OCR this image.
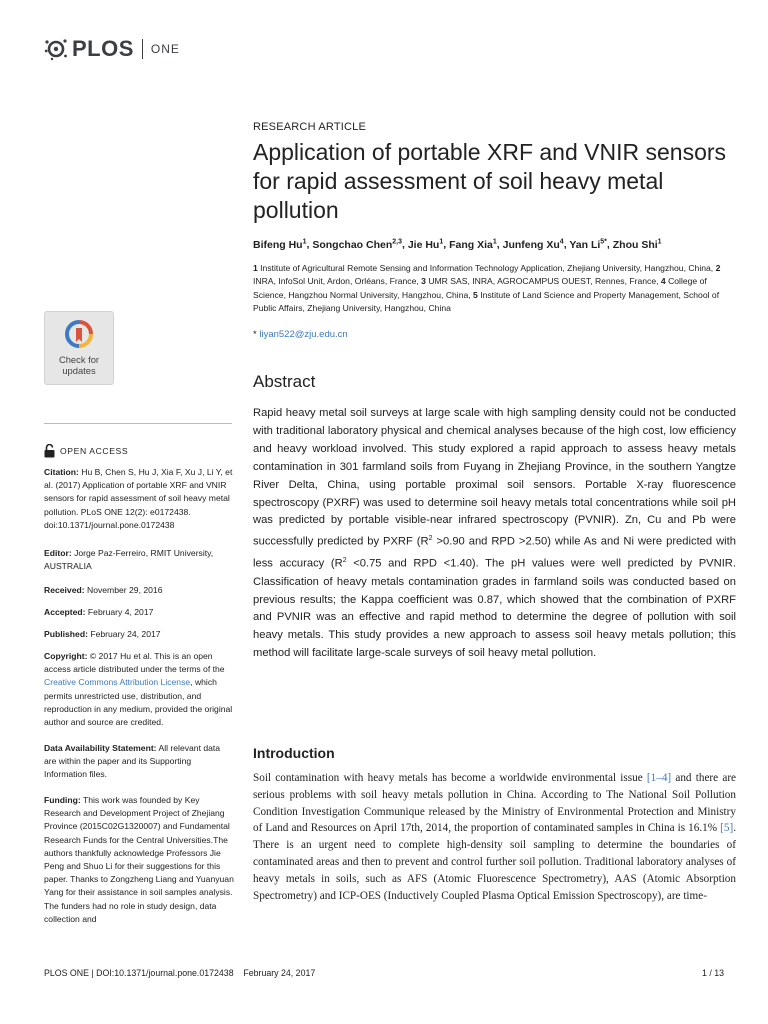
PLOS ONE
RESEARCH ARTICLE
Application of portable XRF and VNIR sensors for rapid assessment of soil heavy metal pollution
Bifeng Hu$^1$, Songchao Chen$^{2,3}$, Jie Hu$^1$, Fang Xia$^1$, Junfeng Xu$^4$, Yan $Li^{5*}$, Zhou Shi$^1$
1 Institute of Agricultural Remote Sensing and Information Technology Application, Zhejiang University, Hangzhou, China, 2 INRA, InfoSol Unit, Ardon, Orléans, France, 3 UMR SAS, INRA, AGROCAMPUS OUEST, Rennes, France, 4 College of Science, Hangzhou Normal University, Hangzhou, China, 5 Institute of Land Science and Property Management, School of Public Affairs, Zhejiang University, Hangzhou, China
* liyan522@zju.edu.cn
Abstract

Rapid heavy metal soil surveys at large scale with high sampling density could not be conducted with traditional laboratory physical and chemical analyses because of the high cost, low efficiency and heavy workload involved. This study explored a rapid approach to assess heavy metals contamination in 301 farmland soils from Fuyang in Zhejiang Province, in the southern Yangtze River Delta, China, using portable proximal soil sensors. Portable X-ray fluorescence spectroscopy (PXRF) was used to determine soil heavy metals total concentrations while soil pH was predicted by portable visible-near infrared spectroscopy (PVNIR). Zn, Cu and Pb were successfully predicted by PXRF ($R^2 >0.90$ and RPD >2.50) while As and Ni were predicted with less accuracy ($R^2 <0.75$ and RPD <1.40). The pH values were well predicted by PVNIR. Classification of heavy metals contamination grades in farmland soils was conducted based on previous results; the Kappa coefficient was 0.87, which showed that the combination of PXRF and PVNIR was an effective and rapid method to determine the degree of pollution with soil heavy metals. This study provides a new approach to assess soil heavy metals pollution; this method will facilitate large-scale surveys of soil heavy metal pollution.

Introduction

Soil contamination with heavy metals has become a worldwide environmental issue [1–4] and there are serious problems with soil heavy metals pollution in China. According to The National Soil Pollution Condition Investigation Communique released by the Ministry of Environmental Protection and Ministry of Land and Resources on April 17th, 2014, the proportion of contaminated samples in China is 16.1% [5]. There is an urgent need to complete high-density soil sampling to determine the boundaries of contaminated areas and then to prevent and control further soil pollution. Traditional laboratory analyses of heavy metals in soils, such as AFS (Atomic Fluorescence Spectrometry), AAS (Atomic Absorption Spectrometry) and ICP-OES (Inductively Coupled Plasma Optical Emission Spectroscopy), are time-

Check for
updates
OPEN ACCESS
Citation: Hu B, Chen S, Hu J, Xia F, Xu J, Li Y, et al. (2017) Application of portable XRF and VNIR sensors for rapid assessment of soil heavy metal pollution. PLoS ONE 12(2): e0172438. doi:10.1371/journal.pone.0172438
Editor: Jorge Paz-Ferreiro, RMIT University, AUSTRALIA
Received: November 29, 2016
Accepted: February 4, 2017
Published: February 24, 2017
Copyright: © 2017 Hu et al. This is an open access article distributed under the terms of the Creative Commons Attribution License, which permits unrestricted use, distribution, and reproduction in any medium, provided the original author and source are credited.
Data Availability Statement: All relevant data are within the paper and its Supporting Information files.
Funding: This work was founded by Key Research and Development Project of Zhejiang Province (2015C02G1320007) and Fundamental Research Funds for the Central Universities.The authors thankfully acknowledge Professors Jie Peng and Shuo Li for their suggestions for this paper. Thanks to Zongzheng Liang and Yuanyuan Yang for their assistance in soil samples analysis. The funders had no role in study design, data collection and
PLOS ONE | DOI:10.1371/journal.pone.0172438    February 24, 2017	1 / 13
